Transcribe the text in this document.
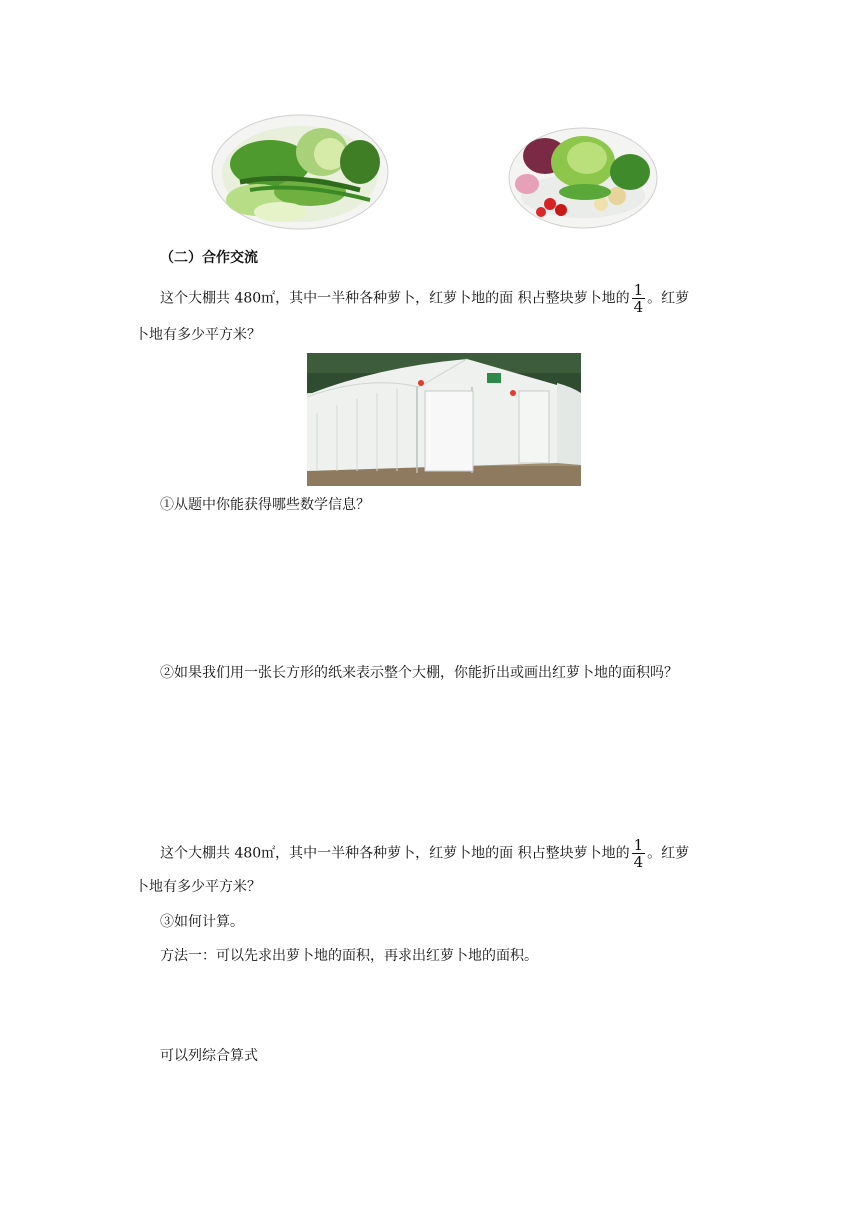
（二）合作交流
这个大棚共 480㎡，其中一半种各种萝卜，红萝卜地的面 积占整块萝卜地的 $\frac{1}{4}$ 。红萝
卜地有多少平方米？
①从题中你能获得哪些数学信息？
②如果我们用一张长方形的纸来表示整个大棚，你能折出或画出红萝卜地的面积吗？
这个大棚共 480㎡，其中一半种各种萝卜，红萝卜地的面 积占整块萝卜地的 $\frac{1}{4}$ 。红萝
卜地有多少平方米？
③如何计算。
方法一：可以先求出萝卜地的面积，再求出红萝卜地的面积。
可以列综合算式
